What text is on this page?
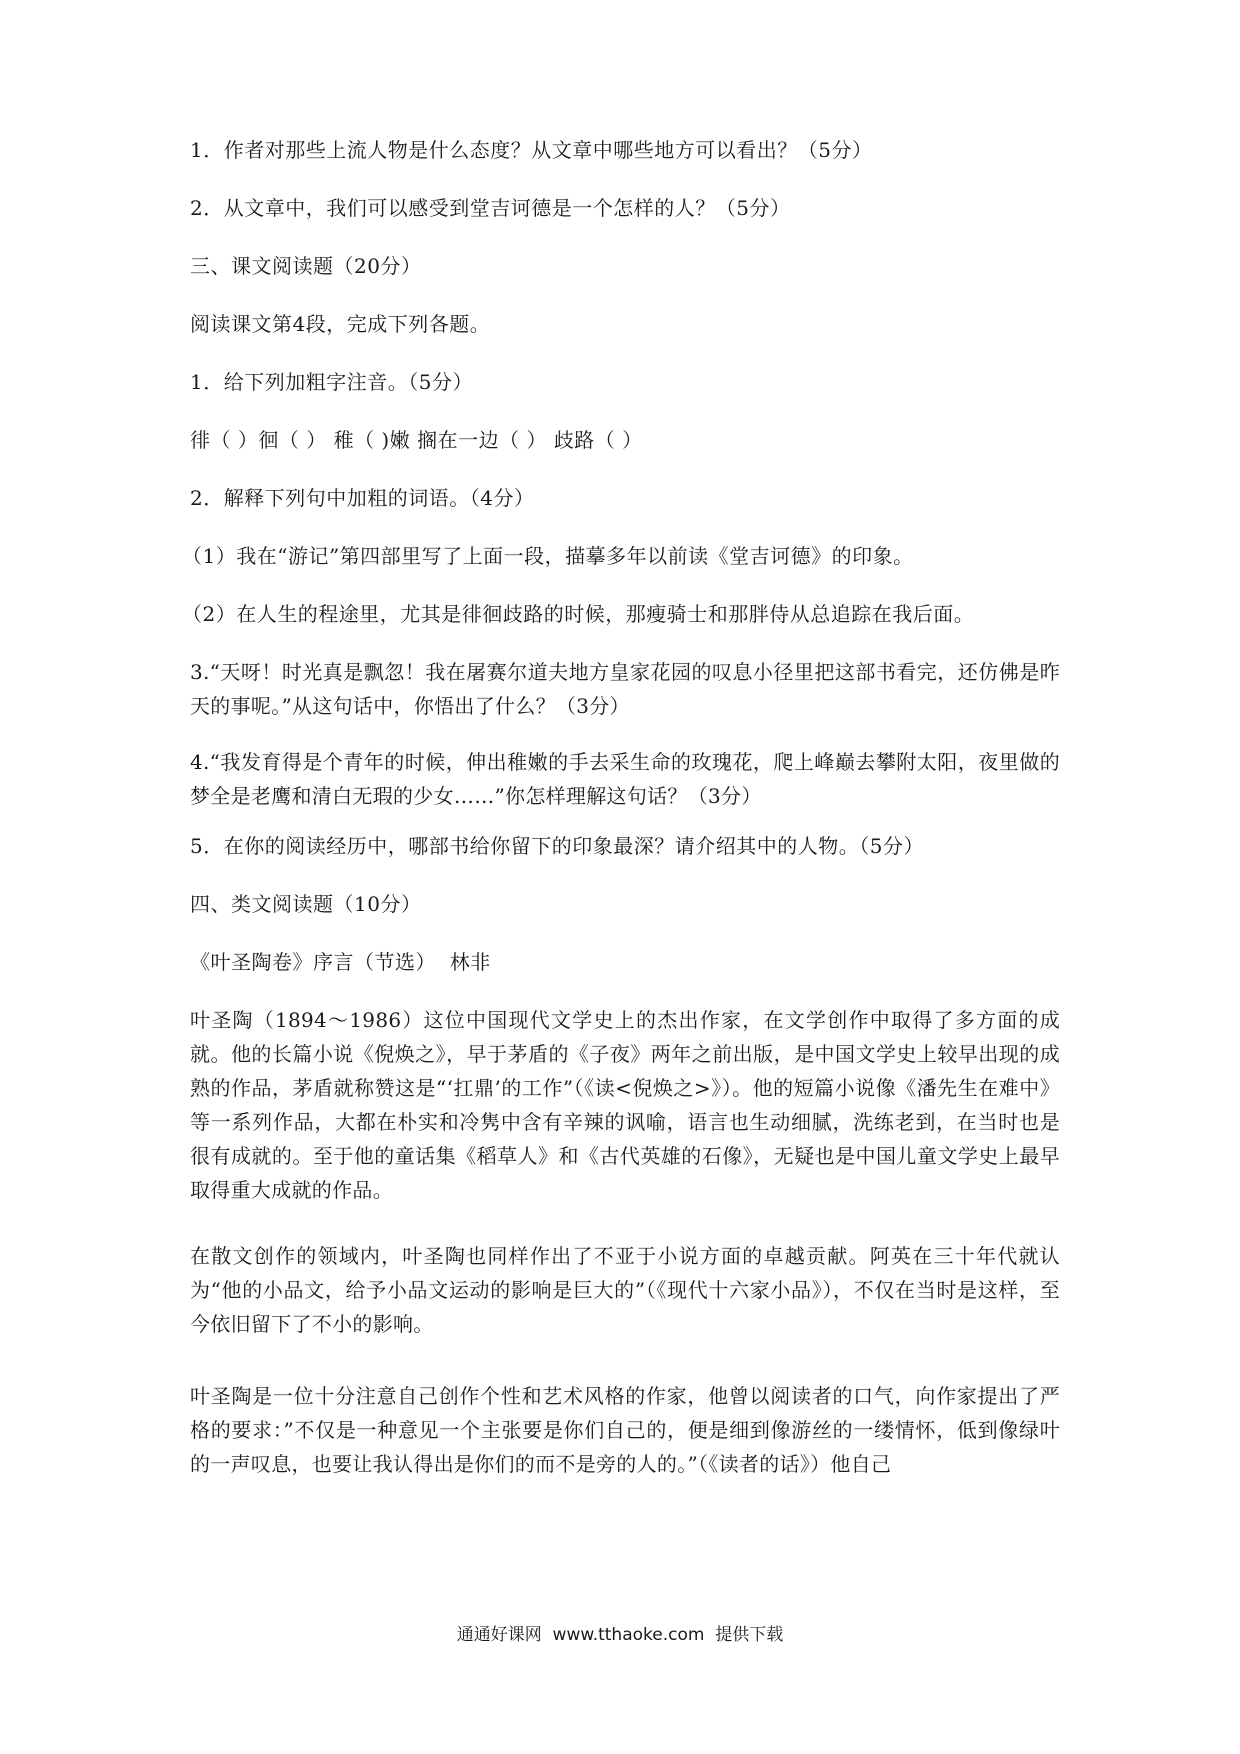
1．作者对那些上流人物是什么态度？从文章中哪些地方可以看出？（5分）
2．从文章中，我们可以感受到堂吉诃德是一个怎样的人？（5分）
三、课文阅读题（20分）
阅读课文第4段，完成下列各题。
1．给下列加粗字注音。（5分）
徘（ ）徊（ ） 稚（ )嫩 搁在一边（ ） 歧路（ ）
2．解释下列句中加粗的词语。（4分）
（1）我在“游记”第四部里写了上面一段，描摹多年以前读《堂吉诃德》的印象。
（2）在人生的程途里，尤其是徘徊歧路的时候，那瘦骑士和那胖侍从总追踪在我后面。
3.“天呀！时光真是飘忽！我在屠赛尔道夫地方皇家花园的叹息小径里把这部书看完，还仿佛是昨天的事呢。”从这句话中，你悟出了什么？（3分）
4.“我发育得是个青年的时候，伸出稚嫩的手去采生命的玫瑰花，爬上峰巅去攀附太阳，夜里做的梦全是老鹰和清白无瑕的少女……”你怎样理解这句话？（3分）
5．在你的阅读经历中，哪部书给你留下的印象最深？请介绍其中的人物。（5分）
四、类文阅读题（10分）
《叶圣陶卷》序言（节选）  林非
叶圣陶（1894～1986）这位中国现代文学史上的杰出作家，在文学创作中取得了多方面的成就。他的长篇小说《倪焕之》，早于茅盾的《子夜》两年之前出版，是中国文学史上较早出现的成熟的作品，茅盾就称赞这是“‘扛鼎’的工作”（《读<倪焕之>》）。他的短篇小说像《潘先生在难中》等一系列作品，大都在朴实和冷隽中含有辛辣的讽喻，语言也生动细腻，洗练老到，在当时也是很有成就的。至于他的童话集《稻草人》和《古代英雄的石像》，无疑也是中国儿童文学史上最早取得重大成就的作品。
在散文创作的领域内，叶圣陶也同样作出了不亚于小说方面的卓越贡献。阿英在三十年代就认为“他的小品文，给予小品文运动的影响是巨大的”（《现代十六家小品》），不仅在当时是这样，至今依旧留下了不小的影响。
叶圣陶是一位十分注意自己创作个性和艺术风格的作家，他曾以阅读者的口气，向作家提出了严格的要求：”不仅是一种意见一个主张要是你们自己的，便是细到像游丝的一缕情怀，低到像绿叶的一声叹息，也要让我认得出是你们的而不是旁的人的。”（《读者的话》）他自己
通通好课网  www.tthaoke.com  提供下载
